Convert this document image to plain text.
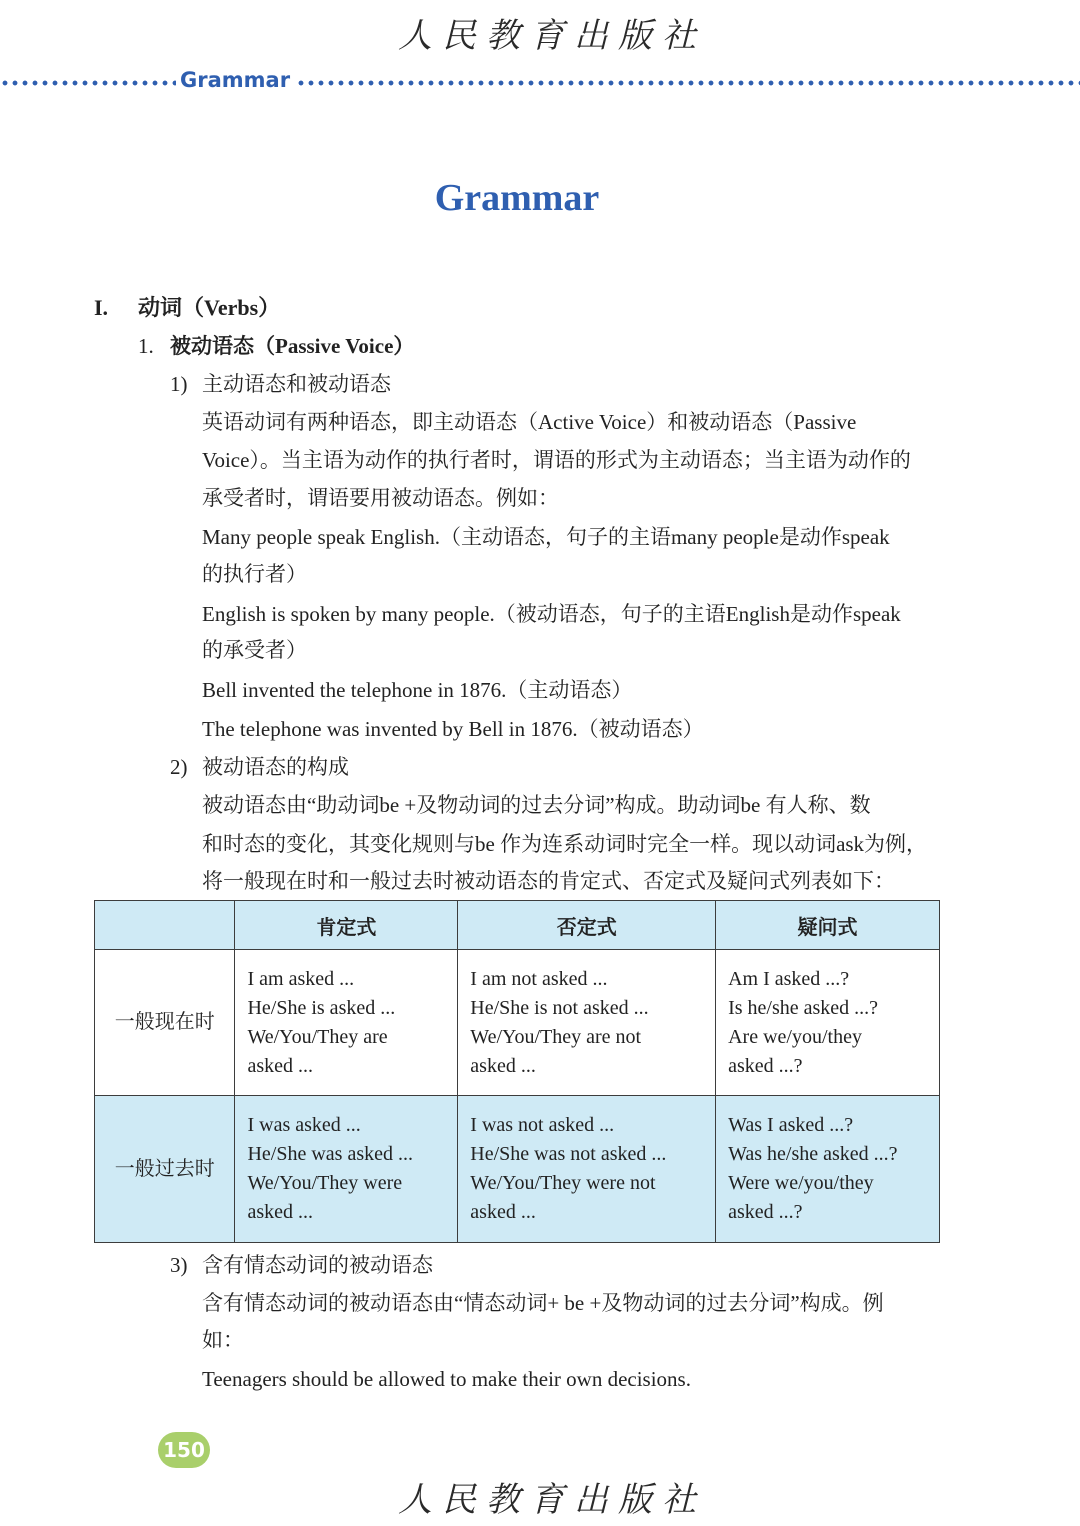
人民教育出版社
Grammar
Grammar
I. 动词（Verbs）
1. 被动语态（Passive Voice）
1) 主动语态和被动语态
英语动词有两种语态，即主动语态（Active Voice）和被动语态（Passive
Voice）。当主语为动作的执行者时，谓语的形式为主动语态；当主语为动作的
承受者时，谓语要用被动语态。例如：
Many people speak English.（主动语态，句子的主语many people是动作speak
的执行者）
English is spoken by many people.（被动语态，句子的主语English是动作speak
的承受者）
Bell invented the telephone in 1876.（主动语态）
The telephone was invented by Bell in 1876.（被动语态）
2) 被动语态的构成
被动语态由“助动词be +及物动词的过去分词”构成。助动词be 有人称、数
和时态的变化，其变化规则与be 作为连系动词时完全一样。现以动词ask为例，
将一般现在时和一般过去时被动语态的肯定式、否定式及疑问式列表如下：
	肯定式	否定式	疑问式
一般现在时	I am asked ...
He/She is asked ...
We/You/They are
asked ...	I am not asked ...
He/She is not asked ...
We/You/They are not
asked ...	Am I asked ...?
Is he/she asked ...?
Are we/you/they
asked ...?

一般过去时	I was asked ...
He/She was asked ...
We/You/They were
asked ...	I was not asked ...
He/She was not asked ...
We/You/They were not
asked ...	Was I asked ...?
Was he/she asked ...?
Were we/you/they
asked ...?
3) 含有情态动词的被动语态
含有情态动词的被动语态由“情态动词+ be +及物动词的过去分词”构成。例
如：
Teenagers should be allowed to make their own decisions.
150
人民教育出版社
